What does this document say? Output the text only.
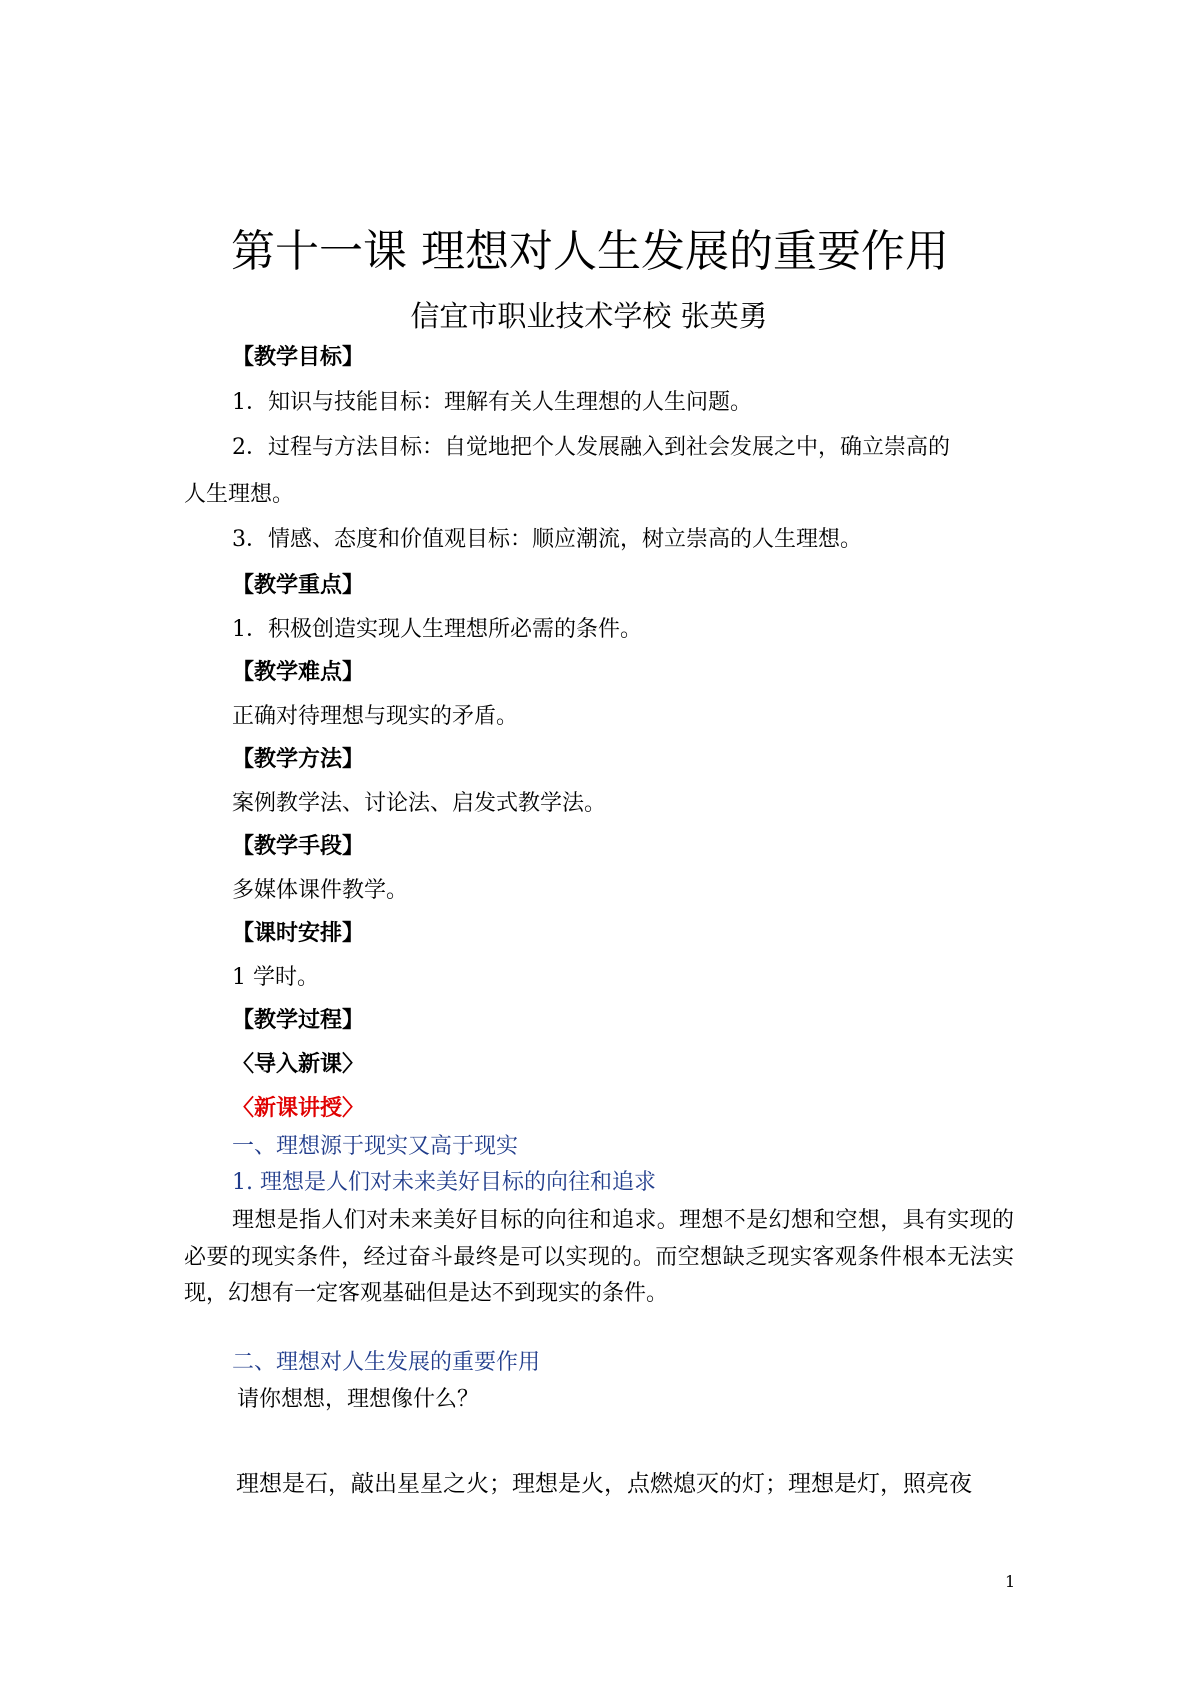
第十一课 理想对人生发展的重要作用
信宜市职业技术学校 张英勇
【教学目标】
1．知识与技能目标：理解有关人生理想的人生问题。
2．过程与方法目标：自觉地把个人发展融入到社会发展之中，确立崇高的
人生理想。
3．情感、态度和价值观目标：顺应潮流，树立崇高的人生理想。
【教学重点】
1．积极创造实现人生理想所必需的条件。
【教学难点】
正确对待理想与现实的矛盾。
【教学方法】
案例教学法、讨论法、启发式教学法。
【教学手段】
多媒体课件教学。
【课时安排】
1 学时。
【教学过程】
〈导入新课〉
〈新课讲授〉
一、理想源于现实又高于现实
1. 理想是人们对未来美好目标的向往和追求
理想是指人们对未来美好目标的向往和追求。理想不是幻想和空想，具有实现的必要的现实条件，经过奋斗最终是可以实现的。而空想缺乏现实客观条件根本无法实现，幻想有一定客观基础但是达不到现实的条件。
二、理想对人生发展的重要作用
请你想想，理想像什么？
理想是石，敲出星星之火；理想是火，点燃熄灭的灯；理想是灯，照亮夜
1
